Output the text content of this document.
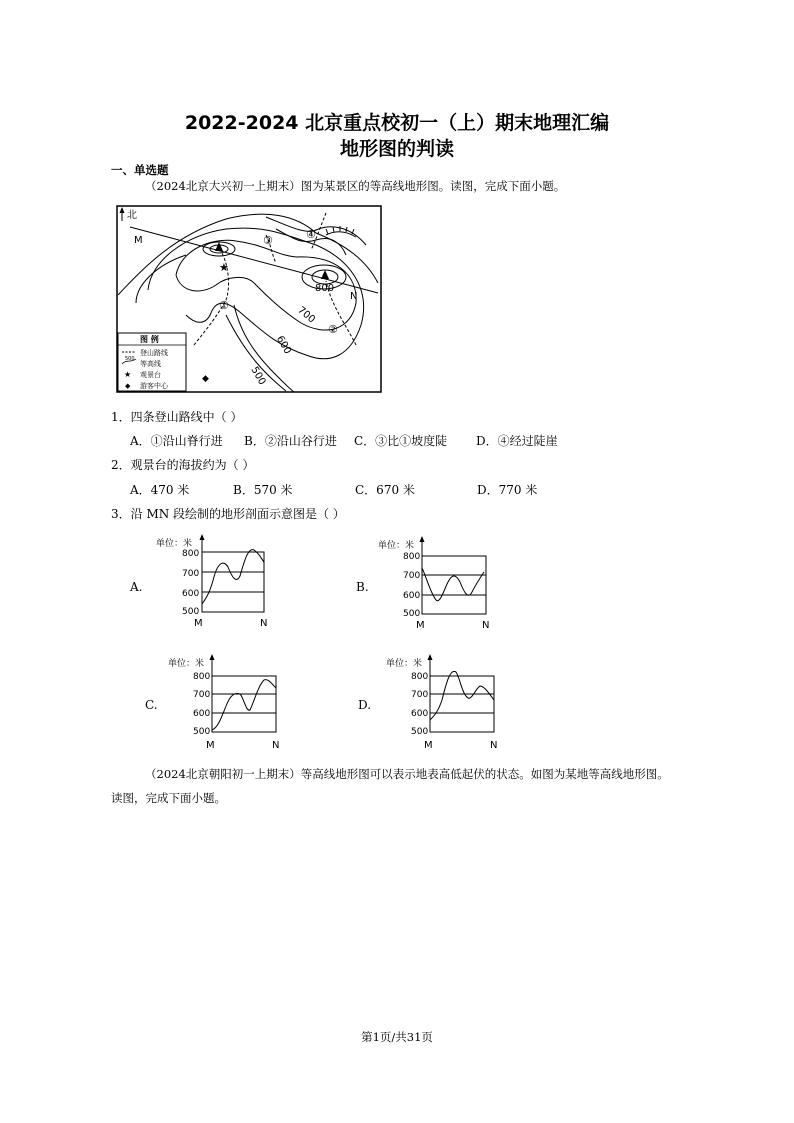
2022-2024 北京重点校初一（上）期末地理汇编
地形图的判读
一、单选题
（2024北京大兴初一上期末）图为某景区的等高线地形图。读图，完成下面小题。
北
M
N
★
◆
①
②
③	④
800
700
600
500
图 例
登山路线
500
等高线
★ 观景台
◆ 游客中心
1．四条登山路线中（ ）
A．①沿山脊行进 B．②沿山谷行进 C．③比①坡度陡 D．④经过陡崖
2．观景台的海拔约为（ ）
A．470 米	B．570 米	C．670 米	D．770 米
3．沿 MN 段绘制的地形剖面示意图是（ ）
A.	B.
C.	D.
单位：米
800
700
600
500
M	N
单位：米
800
700
600
500
M	N
单位：米
800
700
600
500
M	N
单位：米
800
700
600
500
M	N
（2024北京朝阳初一上期末）等高线地形图可以表示地表高低起伏的状态。如图为某地等高线地形图。
读图，完成下面小题。
第1页/共31页
